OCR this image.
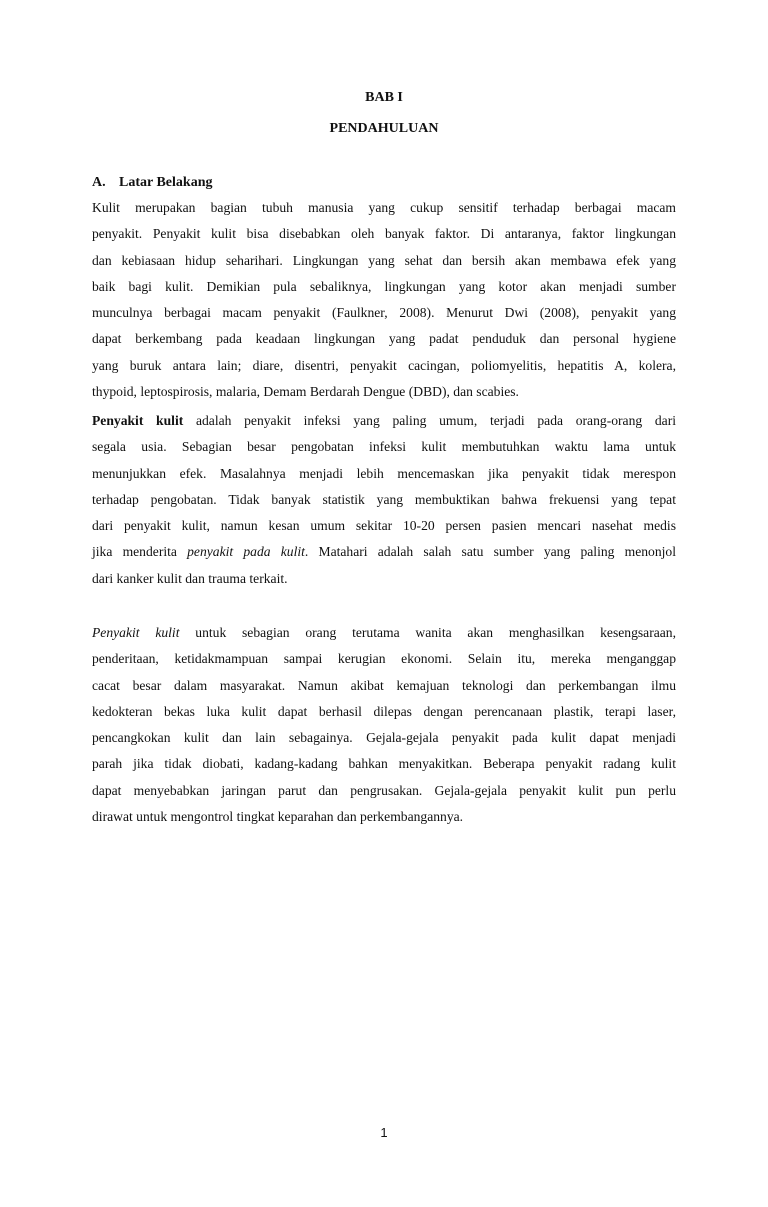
BAB I
PENDAHULUAN
A. Latar Belakang
Kulit merupakan bagian tubuh manusia yang cukup sensitif terhadap berbagai macam
penyakit. Penyakit kulit bisa disebabkan oleh banyak faktor. Di antaranya, faktor lingkungan
dan kebiasaan hidup seharihari. Lingkungan yang sehat dan bersih akan membawa efek yang
baik bagi kulit. Demikian pula sebaliknya, lingkungan yang kotor akan menjadi sumber
munculnya berbagai macam penyakit (Faulkner, 2008). Menurut Dwi (2008), penyakit yang
dapat berkembang pada keadaan lingkungan yang padat penduduk dan personal hygiene
yang buruk antara lain; diare, disentri, penyakit cacingan, poliomyelitis, hepatitis A, kolera,
thypoid, leptospirosis, malaria, Demam Berdarah Dengue (DBD), dan scabies.
Penyakit kulit adalah penyakit infeksi yang paling umum, terjadi pada orang-orang dari
segala usia. Sebagian besar pengobatan infeksi kulit membutuhkan waktu lama untuk
menunjukkan efek. Masalahnya menjadi lebih mencemaskan jika penyakit tidak merespon
terhadap pengobatan. Tidak banyak statistik yang membuktikan bahwa frekuensi yang tepat
dari penyakit kulit, namun kesan umum sekitar 10-20 persen pasien mencari nasehat medis
jika menderita penyakit pada kulit. Matahari adalah salah satu sumber yang paling menonjol
dari kanker kulit dan trauma terkait.
Penyakit kulit untuk sebagian orang terutama wanita akan menghasilkan kesengsaraan,
penderitaan, ketidakmampuan sampai kerugian ekonomi. Selain itu, mereka menganggap
cacat besar dalam masyarakat. Namun akibat kemajuan teknologi dan perkembangan ilmu
kedokteran bekas luka kulit dapat berhasil dilepas dengan perencanaan plastik, terapi laser,
pencangkokan kulit dan lain sebagainya. Gejala-gejala penyakit pada kulit dapat menjadi
parah jika tidak diobati, kadang-kadang bahkan menyakitkan. Beberapa penyakit radang kulit
dapat menyebabkan jaringan parut dan pengrusakan. Gejala-gejala penyakit kulit pun perlu
dirawat untuk mengontrol tingkat keparahan dan perkembangannya.
1
